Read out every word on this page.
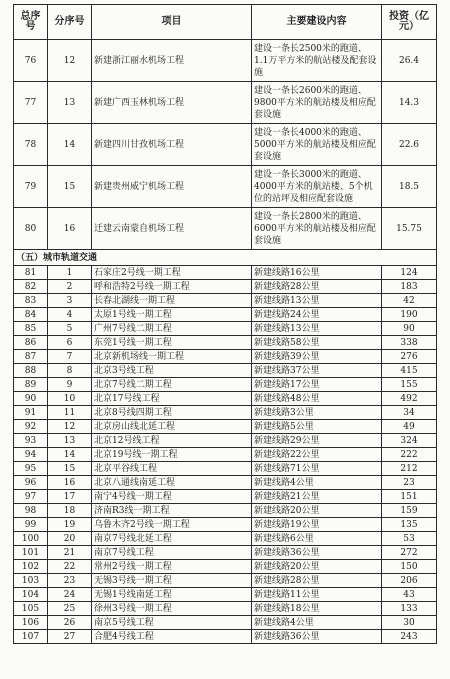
总序号	分序号	项目	主要建设内容	投资（亿元）
76	12	新建浙江丽水机场工程	建设一条长2500米的跑道、1.1万平方米的航站楼及配套设施	26.4
77	13	新建广西玉林机场工程	建设一条长2600米的跑道、9800平方米的航站楼及相应配套设施	14.3
78	14	新建四川甘孜机场工程	建设一条长4000米的跑道、5000平方米的航站楼及相应配套设施	22.6
79	15	新建贵州威宁机场工程	建设一条长3000米的跑道、4000平方米的航站楼、5个机位的站坪及相应配套设施	18.5
80	16	迁建云南蒙自机场工程	建设一条长2800米的跑道、6000平方米的航站楼及相应配套设施	15.75
（五）城市轨道交通				
81	1	石家庄2号线一期工程	新建线路16公里	124
82	2	呼和浩特2号线一期工程	新建线路28公里	183
83	3	长春北湖线一期工程	新建线路13公里	42
84	4	太原1号线一期工程	新建线路24公里	190
85	5	广州7号线二期工程	新建线路13公里	90
86	6	东莞1号线一期工程	新建线路58公里	338
87	7	北京新机场线一期工程	新建线路39公里	276
88	8	北京3号线工程	新建线路37公里	415
89	9	北京7号线二期工程	新建线路17公里	155
90	10	北京17号线工程	新建线路48公里	492
91	11	北京8号线四期工程	新建线路3公里	34
92	12	北京房山线北延工程	新建线路5公里	49
93	13	北京12号线工程	新建线路29公里	324
94	14	北京19号线一期工程	新建线路22公里	222
95	15	北京平谷线工程	新建线路71公里	212
96	16	北京八通线南延工程	新建线路4公里	23
97	17	南宁4号线一期工程	新建线路21公里	151
98	18	济南R3线一期工程	新建线路20公里	159
99	19	乌鲁木齐2号线一期工程	新建线路19公里	135
100	20	南京7号线北延工程	新建线路6公里	53
101	21	南京7号线工程	新建线路36公里	272
102	22	常州2号线一期工程	新建线路20公里	150
103	23	无锡3号线一期工程	新建线路28公里	206
104	24	无锡1号线南延工程	新建线路11公里	43
105	25	徐州3号线一期工程	新建线路18公里	133
106	26	南京5号线工程	新建线路4公里	30
107	27	合肥4号线工程	新建线路36公里	243
